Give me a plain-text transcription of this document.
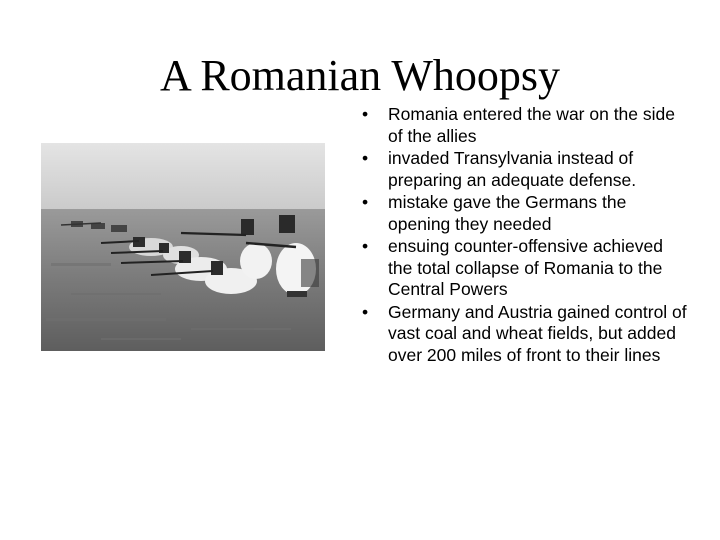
A Romanian Whoopsy
• Romania entered the war on the side of the allies
• invaded Transylvania instead of preparing an adequate defense.
• mistake gave the Germans the opening they needed
• ensuing counter-offensive achieved the total collapse of Romania to the Central Powers
• Germany and Austria gained control of vast coal and wheat fields, but added over 200 miles of front to their lines
